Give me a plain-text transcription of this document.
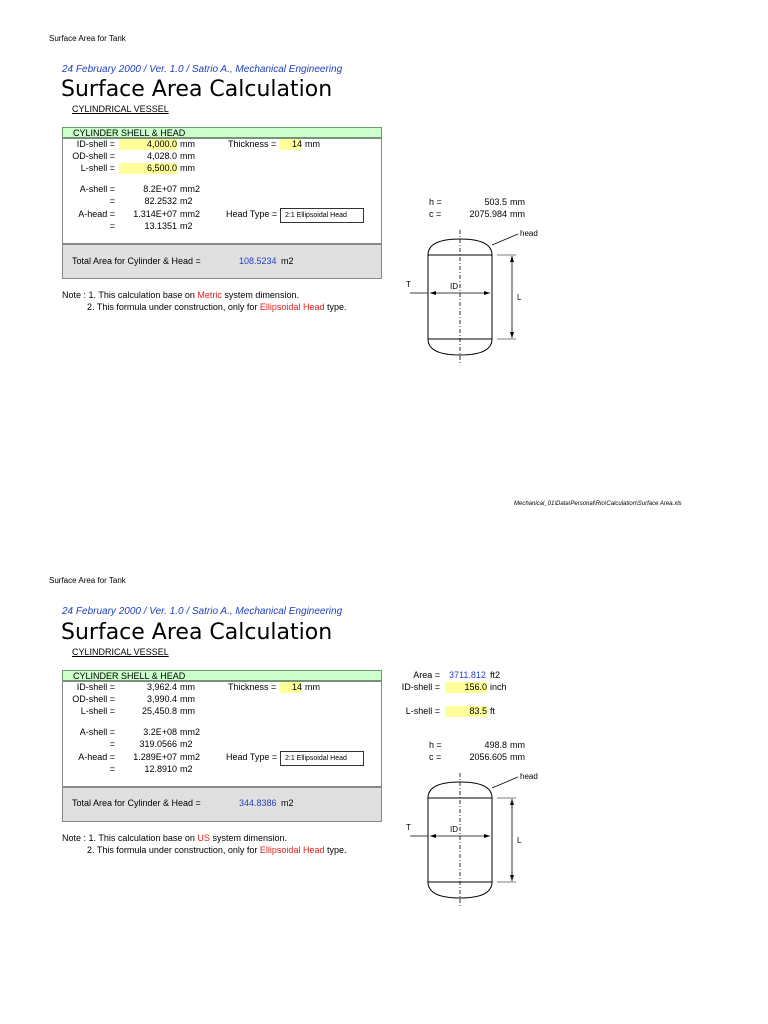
Surface Area for Tank
24 February 2000 / Ver. 1.0 / Satrio A., Mechanical Engineering
Surface Area Calculation
CYLINDRICAL VESSEL
CYLINDER SHELL & HEAD
ID-shell =	4,000.0 mm
OD-shell =	4,028.0 mm
L-shell =	6,500.0 mm
Thickness =	14 mm
A-shell =	8.2E+07 mm2
=	82.2532 m2
A-head =	1.314E+07 mm2
=	13.1351 m2
Head Type =	2:1 Ellipsoidal Head
Total Area for Cylinder & Head =	108.5234 m2
Note : 1. This calculation base on Metric system dimension.
2. This formula under construction, only for Ellipsoidal Head type.
h =	503.5 mm
c =	2075.984 mm
head
T	ID
L
Mechanical_01\Data\Personal\Rio\Calculation\Surface Area.xls
Surface Area for Tank
24 February 2000 / Ver. 1.0 / Satrio A., Mechanical Engineering
Surface Area Calculation
CYLINDRICAL VESSEL
CYLINDER SHELL & HEAD
ID-shell =	3,962.4 mm
OD-shell =	3,990.4 mm
L-shell =	25,450.8 mm
Thickness =	14 mm
A-shell =	3.2E+08 mm2
=	319.0566 m2
A-head =	1.289E+07 mm2
=	12.8910 m2
Head Type =	2:1 Ellipsoidal Head
Total Area for Cylinder & Head =	344.8386 m2
Note : 1. This calculation base on US system dimension.
2. This formula under construction, only for Ellipsoidal Head type.
Area = 3711.812 ft2
ID-shell =	156.0 inch
L-shell =	83.5 ft
h =	498.8 mm
c =	2056.605 mm
head
T	ID
L
